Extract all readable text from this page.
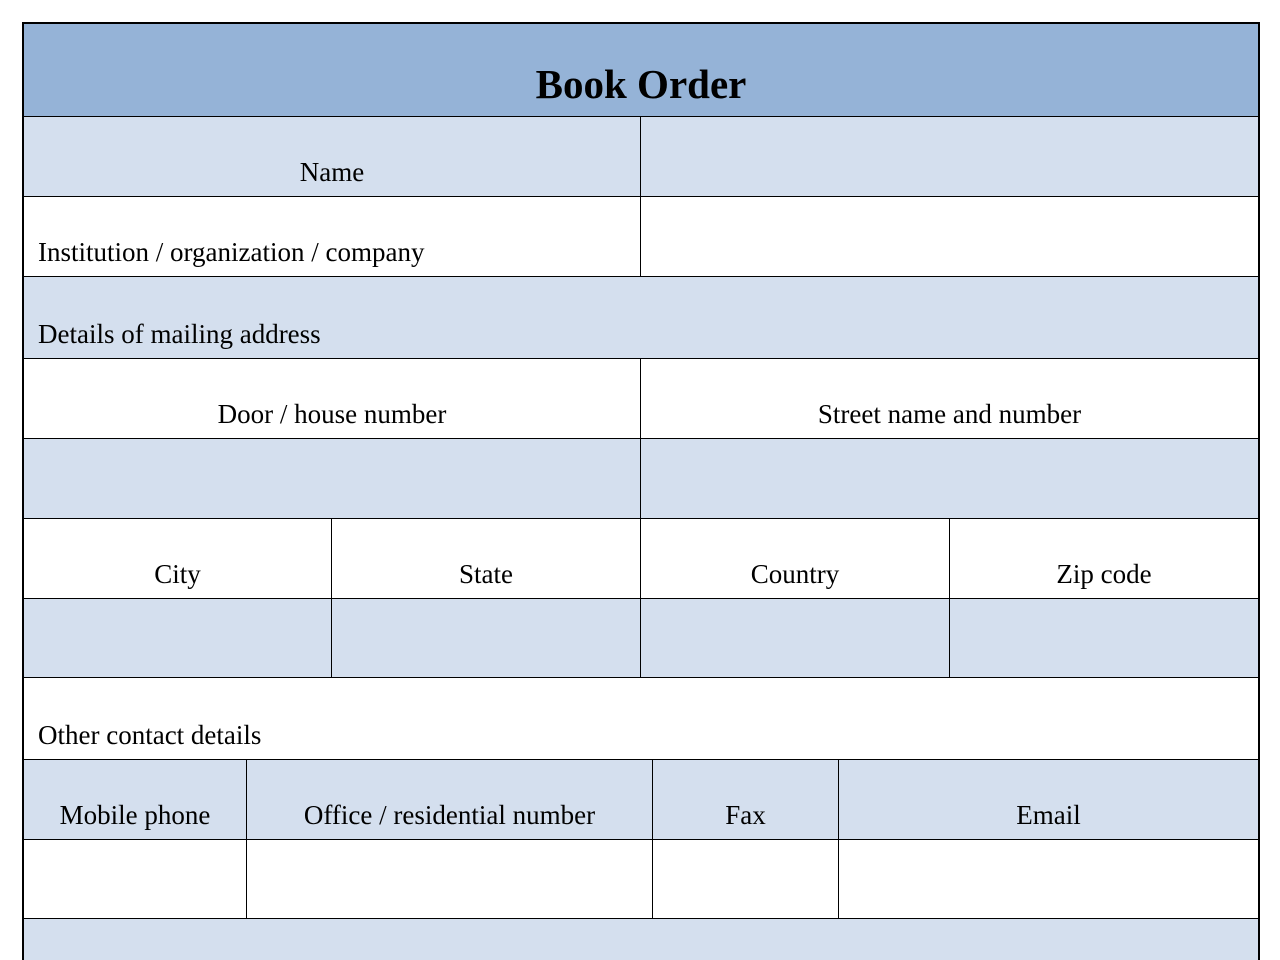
Book Order
Name
Institution / organization / company
Details of mailing address
Door / house number	Street name and number
City	State	Country	Zip code
Other contact details
Mobile phone	Office / residential number	Fax	Email
